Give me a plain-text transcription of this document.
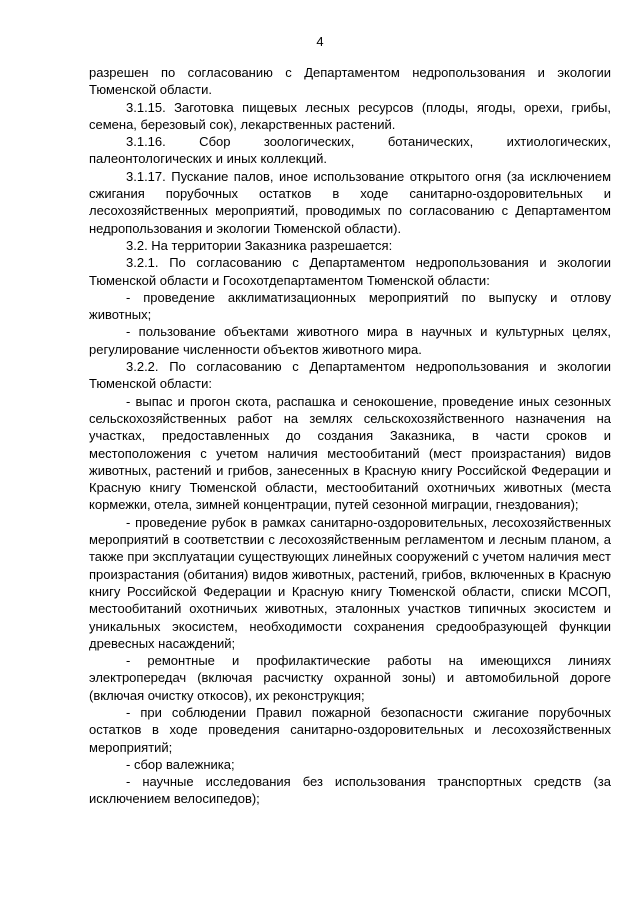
4

разрешен по согласованию с Департаментом недропользования и экологии Тюменской области.

3.1.15. Заготовка пищевых лесных ресурсов (плоды, ягоды, орехи, грибы, семена, березовый сок), лекарственных растений.

3.1.16. Сбор зоологических, ботанических, ихтиологических, палеонтологических и иных коллекций.

3.1.17. Пускание палов, иное использование открытого огня (за исключением сжигания порубочных остатков в ходе санитарно-оздоровительных и лесохозяйственных мероприятий, проводимых по согласованию с Департаментом недропользования и экологии Тюменской области).

3.2. На территории Заказника разрешается:

3.2.1. По согласованию с Департаментом недропользования и экологии Тюменской области и Госохотдепартаментом Тюменской области:

- проведение акклиматизационных мероприятий по выпуску и отлову животных;

- пользование объектами животного мира в научных и культурных целях, регулирование численности объектов животного мира.

3.2.2. По согласованию с Департаментом недропользования и экологии Тюменской области:

- выпас и прогон скота, распашка и сенокошение, проведение иных сезонных сельскохозяйственных работ на землях сельскохозяйственного назначения на участках, предоставленных до создания Заказника, в части сроков и местоположения с учетом наличия местообитаний (мест произрастания) видов животных, растений и грибов, занесенных в Красную книгу Российской Федерации и Красную книгу Тюменской области, местообитаний охотничьих животных (места кормежки, отела, зимней концентрации, путей сезонной миграции, гнездования);

- проведение рубок в рамках санитарно-оздоровительных, лесохозяйственных мероприятий в соответствии с лесохозяйственным регламентом и лесным планом, а также при эксплуатации существующих линейных сооружений с учетом наличия мест произрастания (обитания) видов животных, растений, грибов, включенных в Красную книгу Российской Федерации и Красную книгу Тюменской области, списки МСОП, местообитаний охотничьих животных, эталонных участков типичных экосистем и уникальных экосистем, необходимости сохранения средообразующей функции древесных насаждений;

- ремонтные и профилактические работы на имеющихся линиях электропередач (включая расчистку охранной зоны) и автомобильной дороге (включая очистку откосов), их реконструкция;

- при соблюдении Правил пожарной безопасности сжигание порубочных остатков в ходе проведения санитарно-оздоровительных и лесохозяйственных мероприятий;

- сбор валежника;

- научные исследования без использования транспортных средств (за исключением велосипедов);
